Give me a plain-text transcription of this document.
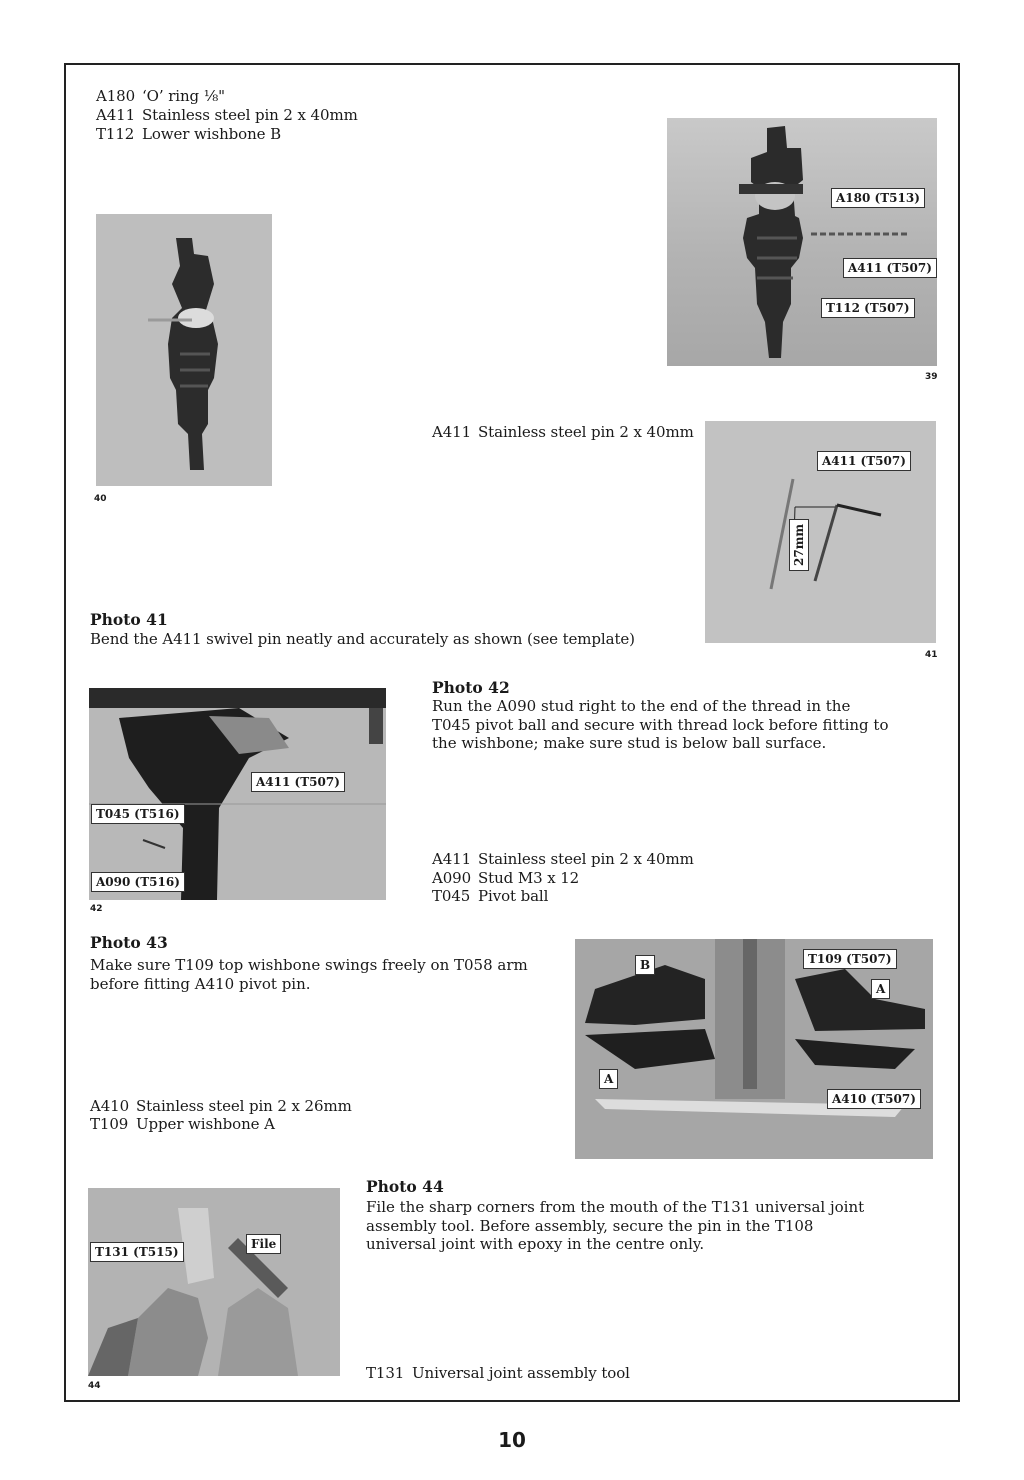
A180 ‘O’ ring ⅛"
A411 Stainless steel pin 2 x 40mm
T112 Lower wishbone B
A180 (T513)
A411 (T507)
T112 (T507)
39
40
A411 Stainless steel pin 2 x 40mm
A411 (T507)
27mm
41
Photo 41
Bend the A411 swivel pin neatly and accurately as shown (see template)
A411 (T507)
T045 (T516)
A090 (T516)
42
Photo 42
Run the A090 stud right to the end of the thread in the T045 pivot ball and secure with thread lock before fitting to the wishbone; make sure stud is below ball surface.
A411 Stainless steel pin 2 x 40mm
A090 Stud M3 x 12
T045 Pivot ball
Photo 43
Make sure T109 top wishbone swings freely on T058 arm before fitting A410 pivot pin.
A410 Stainless steel pin 2 x 26mm
T109 Upper wishbone A
B	T109 (T507)
A
A
A410 (T507)
T131 (T515)
File
44
Photo 44
File the sharp corners from the mouth of the T131 universal joint assembly tool. Before assembly, secure the pin in the T108 universal joint with epoxy in the centre only.
T131 Universal joint assembly tool
10
